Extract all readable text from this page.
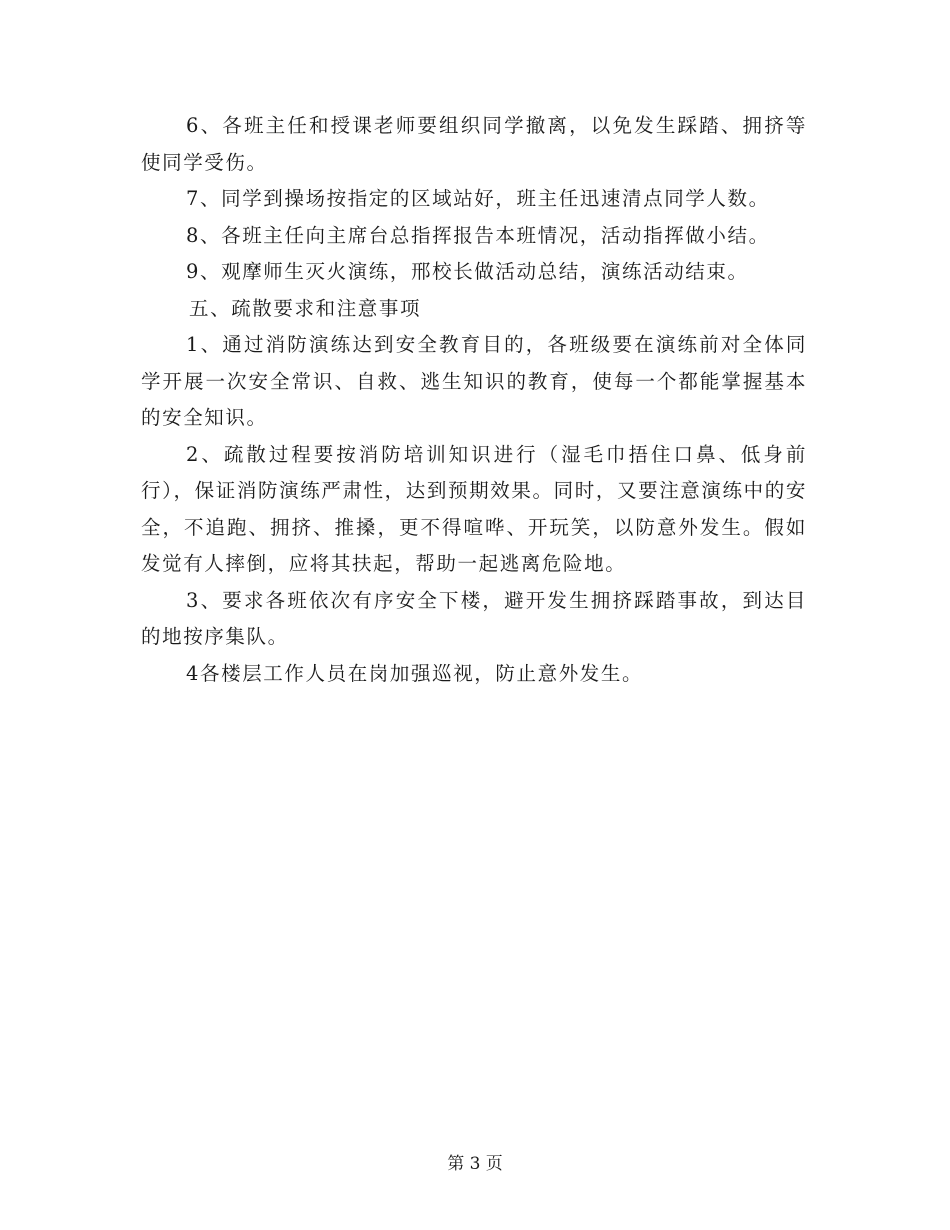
6、各班主任和授课老师要组织同学撤离，以免发生踩踏、拥挤等使同学受伤。

7、同学到操场按指定的区域站好，班主任迅速清点同学人数。

8、各班主任向主席台总指挥报告本班情况，活动指挥做小结。

9、观摩师生灭火演练，邢校长做活动总结，演练活动结束。

五、疏散要求和注意事项

1、通过消防演练达到安全教育目的，各班级要在演练前对全体同学开展一次安全常识、自救、逃生知识的教育，使每一个都能掌握基本的安全知识。

2、疏散过程要按消防培训知识进行（湿毛巾捂住口鼻、低身前行），保证消防演练严肃性，达到预期效果。同时，又要注意演练中的安全，不追跑、拥挤、推搡，更不得喧哗、开玩笑，以防意外发生。假如发觉有人摔倒，应将其扶起，帮助一起逃离危险地。

3、要求各班依次有序安全下楼，避开发生拥挤踩踏事故，到达目的地按序集队。

4各楼层工作人员在岗加强巡视，防止意外发生。

第 3 页
